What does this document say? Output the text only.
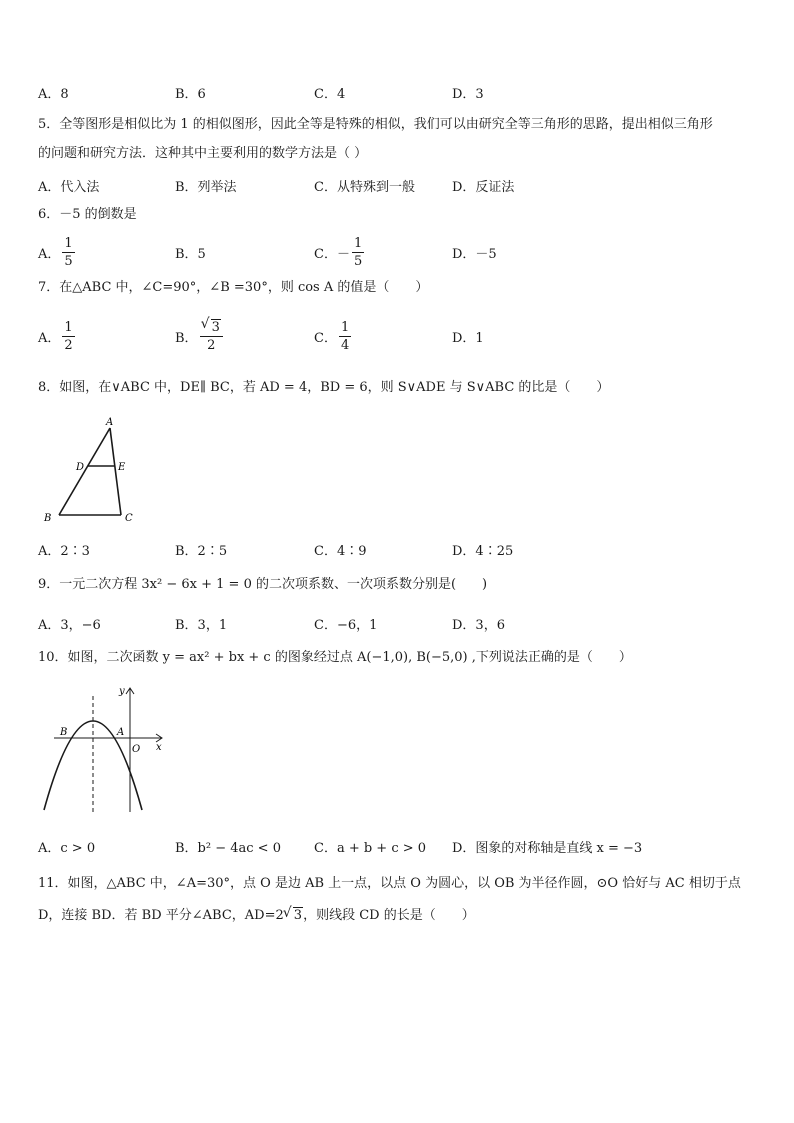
A．8	B．6	C．4	D．3
5．全等图形是相似比为 1 的相似图形，因此全等是特殊的相似，我们可以由研究全等三角形的思路，提出相似三角形
的问题和研究方法．这种其中主要利用的数学方法是（ ）
A．代入法	B．列举法	C．从特殊到一般	D．反证法
6．－5 的倒数是
A． $\frac{1}{5}$	B．5	C．－ $\frac{1}{5}$	D．－5
7．在△ABC 中，∠C=90°，∠B =30°，则 cos A 的值是（　　）
A． $\frac{1}{2}$	B． √ $\frac{3}{2}$	C． $\frac{1}{4}$	D．1
8．如图，在∨ABC 中，DE∥ BC，若 AD = 4，BD = 6，则 S∨ADE 与 S∨ABC 的比是（　　）
A
D	E
B	C
A．2∶3	B．2∶5	C．4∶9	D．4∶25
9．一元二次方程 3x² − 6x + 1 = 0 的二次项系数、一次项系数分别是(　　)
A．3，−6	B．3，1	C．−6，1	D．3，6
10．如图，二次函数 y = ax² + bx + c 的图象经过点 A(−1,0), B(−5,0) ,下列说法正确的是（　　）
B	A
O x
y
A．c > 0	B．b² − 4ac < 0	C．a + b + c > 0 D．图象的对称轴是直线 x = −3
11．如图，△ABC 中，∠A=30°，点 O 是边 AB 上一点，以点 O 为圆心，以 OB 为半径作圆，⊙O 恰好与 AC 相切于点
D，连接 BD．若 BD 平分∠ABC，AD=2 √ 3，则线段 CD 的长是（　　）
